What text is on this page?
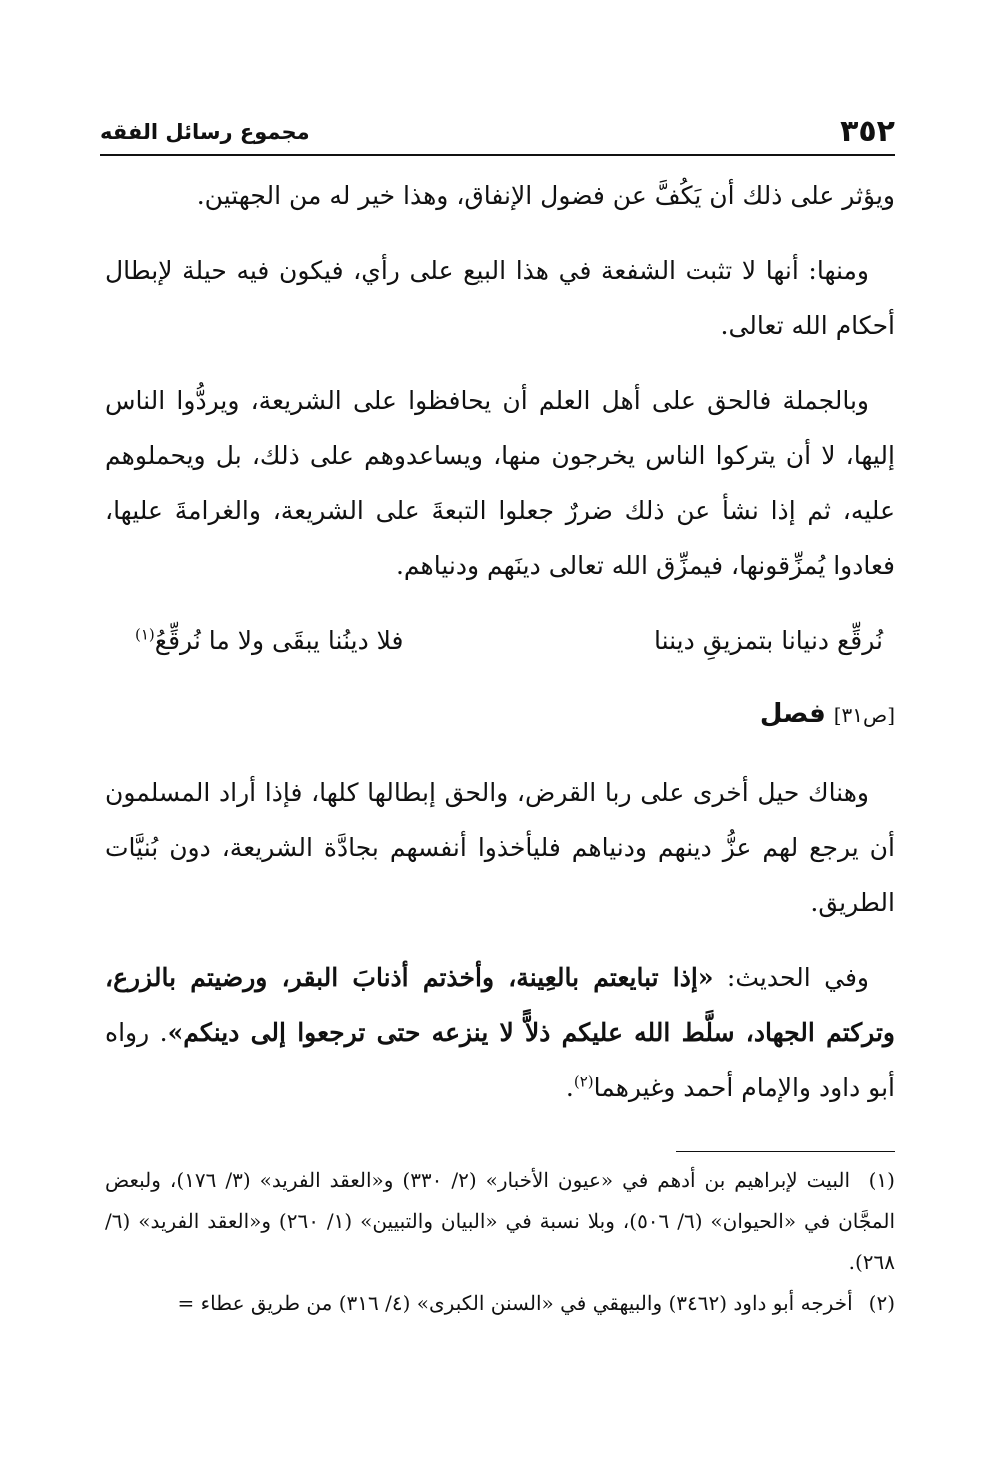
٣٥٢
مجموع رسائل الفقه

ويؤثر على ذلك أن يَكُفَّ عن فضول الإنفاق، وهذا خير له من الجهتين.

ومنها: أنها لا تثبت الشفعة في هذا البيع على رأي، فيكون فيه حيلة لإبطال أحكام الله تعالى.

وبالجملة فالحق على أهل العلم أن يحافظوا على الشريعة، ويردُّوا الناس إليها، لا أن يتركوا الناس يخرجون منها، ويساعدوهم على ذلك، بل ويحملوهم عليه، ثم إذا نشأ عن ذلك ضررٌ جعلوا التبعةَ على الشريعة، والغرامةَ عليها، فعادوا يُمزِّقونها، فيمزِّق الله تعالى دينَهم ودنياهم.

نُرقِّع دنيانا بتمزيقِ ديننا
فلا دينُنا يبقَى ولا ما نُرقِّعُ$^{(١)}$
[ص٣١] فصل

وهناك حيل أخرى على ربا القرض، والحق إبطالها كلها، فإذا أراد المسلمون أن يرجع لهم عزُّ دينهم ودنياهم فليأخذوا أنفسهم بجادَّة الشريعة، دون بُنيَّات الطريق.

وفي الحديث: «إذا تبايعتم بالعِينة، وأخذتم أذنابَ البقر، ورضيتم بالزرع، وتركتم الجهاد، سلَّط الله عليكم ذلاًّ لا ينزعه حتى ترجعوا إلى دينكم». رواه أبو داود والإمام أحمد وغيرهما$^{(٢)}$.

(١) البيت لإبراهيم بن أدهم في «عيون الأخبار» (٢/ ٣٣٠) و«العقد الفريد» (٣/ ١٧٦)، ولبعض المجَّان في «الحيوان» (٦/ ٥٠٦)، وبلا نسبة في «البيان والتبيين» (١/ ٢٦٠) و«العقد الفريد» (٦/ ٢٦٨).

(٢) أخرجه أبو داود (٣٤٦٢) والبيهقي في «السنن الكبرى» (٤/ ٣١٦) من طريق عطاء =
